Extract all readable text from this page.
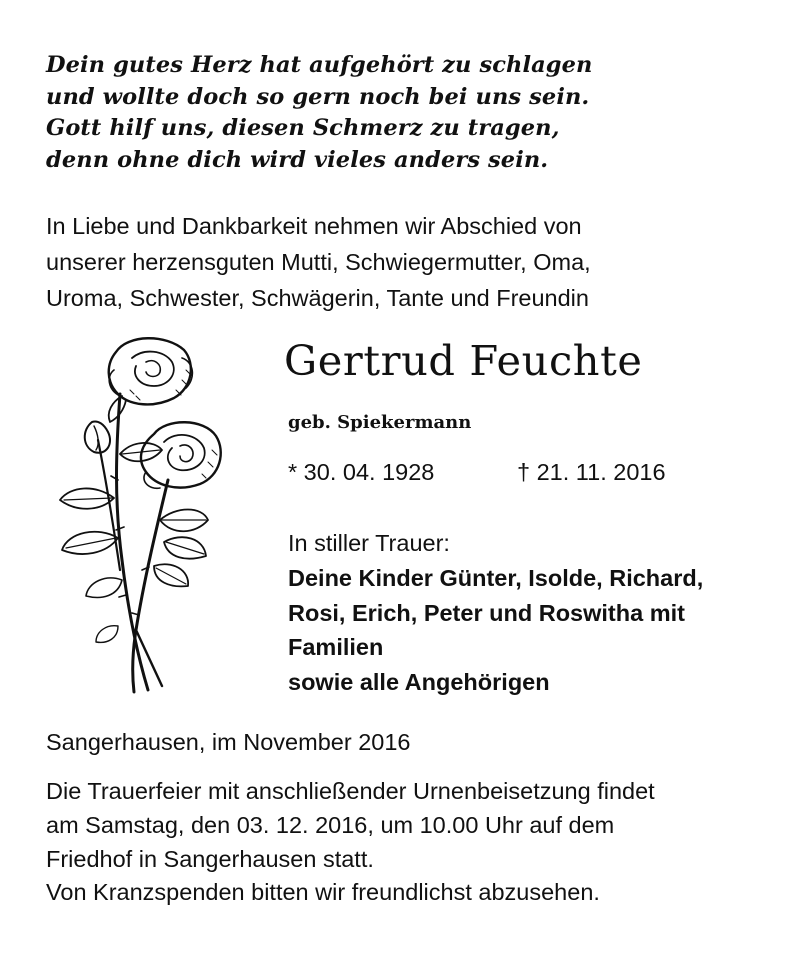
Dein gutes Herz hat aufgehört zu schlagen
und wollte doch so gern noch bei uns sein.
Gott hilf uns, diesen Schmerz zu tragen,
denn ohne dich wird vieles anders sein.
In Liebe und Dankbarkeit nehmen wir Abschied von
unserer herzensguten Mutti, Schwiegermutter, Oma,
Uroma, Schwester, Schwägerin, Tante und Freundin
Gertrud Feuchte
geb. Spiekermann
* 30. 04. 1928	† 21. 11. 2016
In stiller Trauer:
Deine Kinder Günter, Isolde, Richard,
Rosi, Erich, Peter und Roswitha mit
Familien
sowie alle Angehörigen
Sangerhausen, im November 2016
Die Trauerfeier mit anschließender Urnenbeisetzung findet
am Samstag, den 03. 12. 2016, um 10.00 Uhr auf dem
Friedhof in Sangerhausen statt.
Von Kranzspenden bitten wir freundlichst abzusehen.
